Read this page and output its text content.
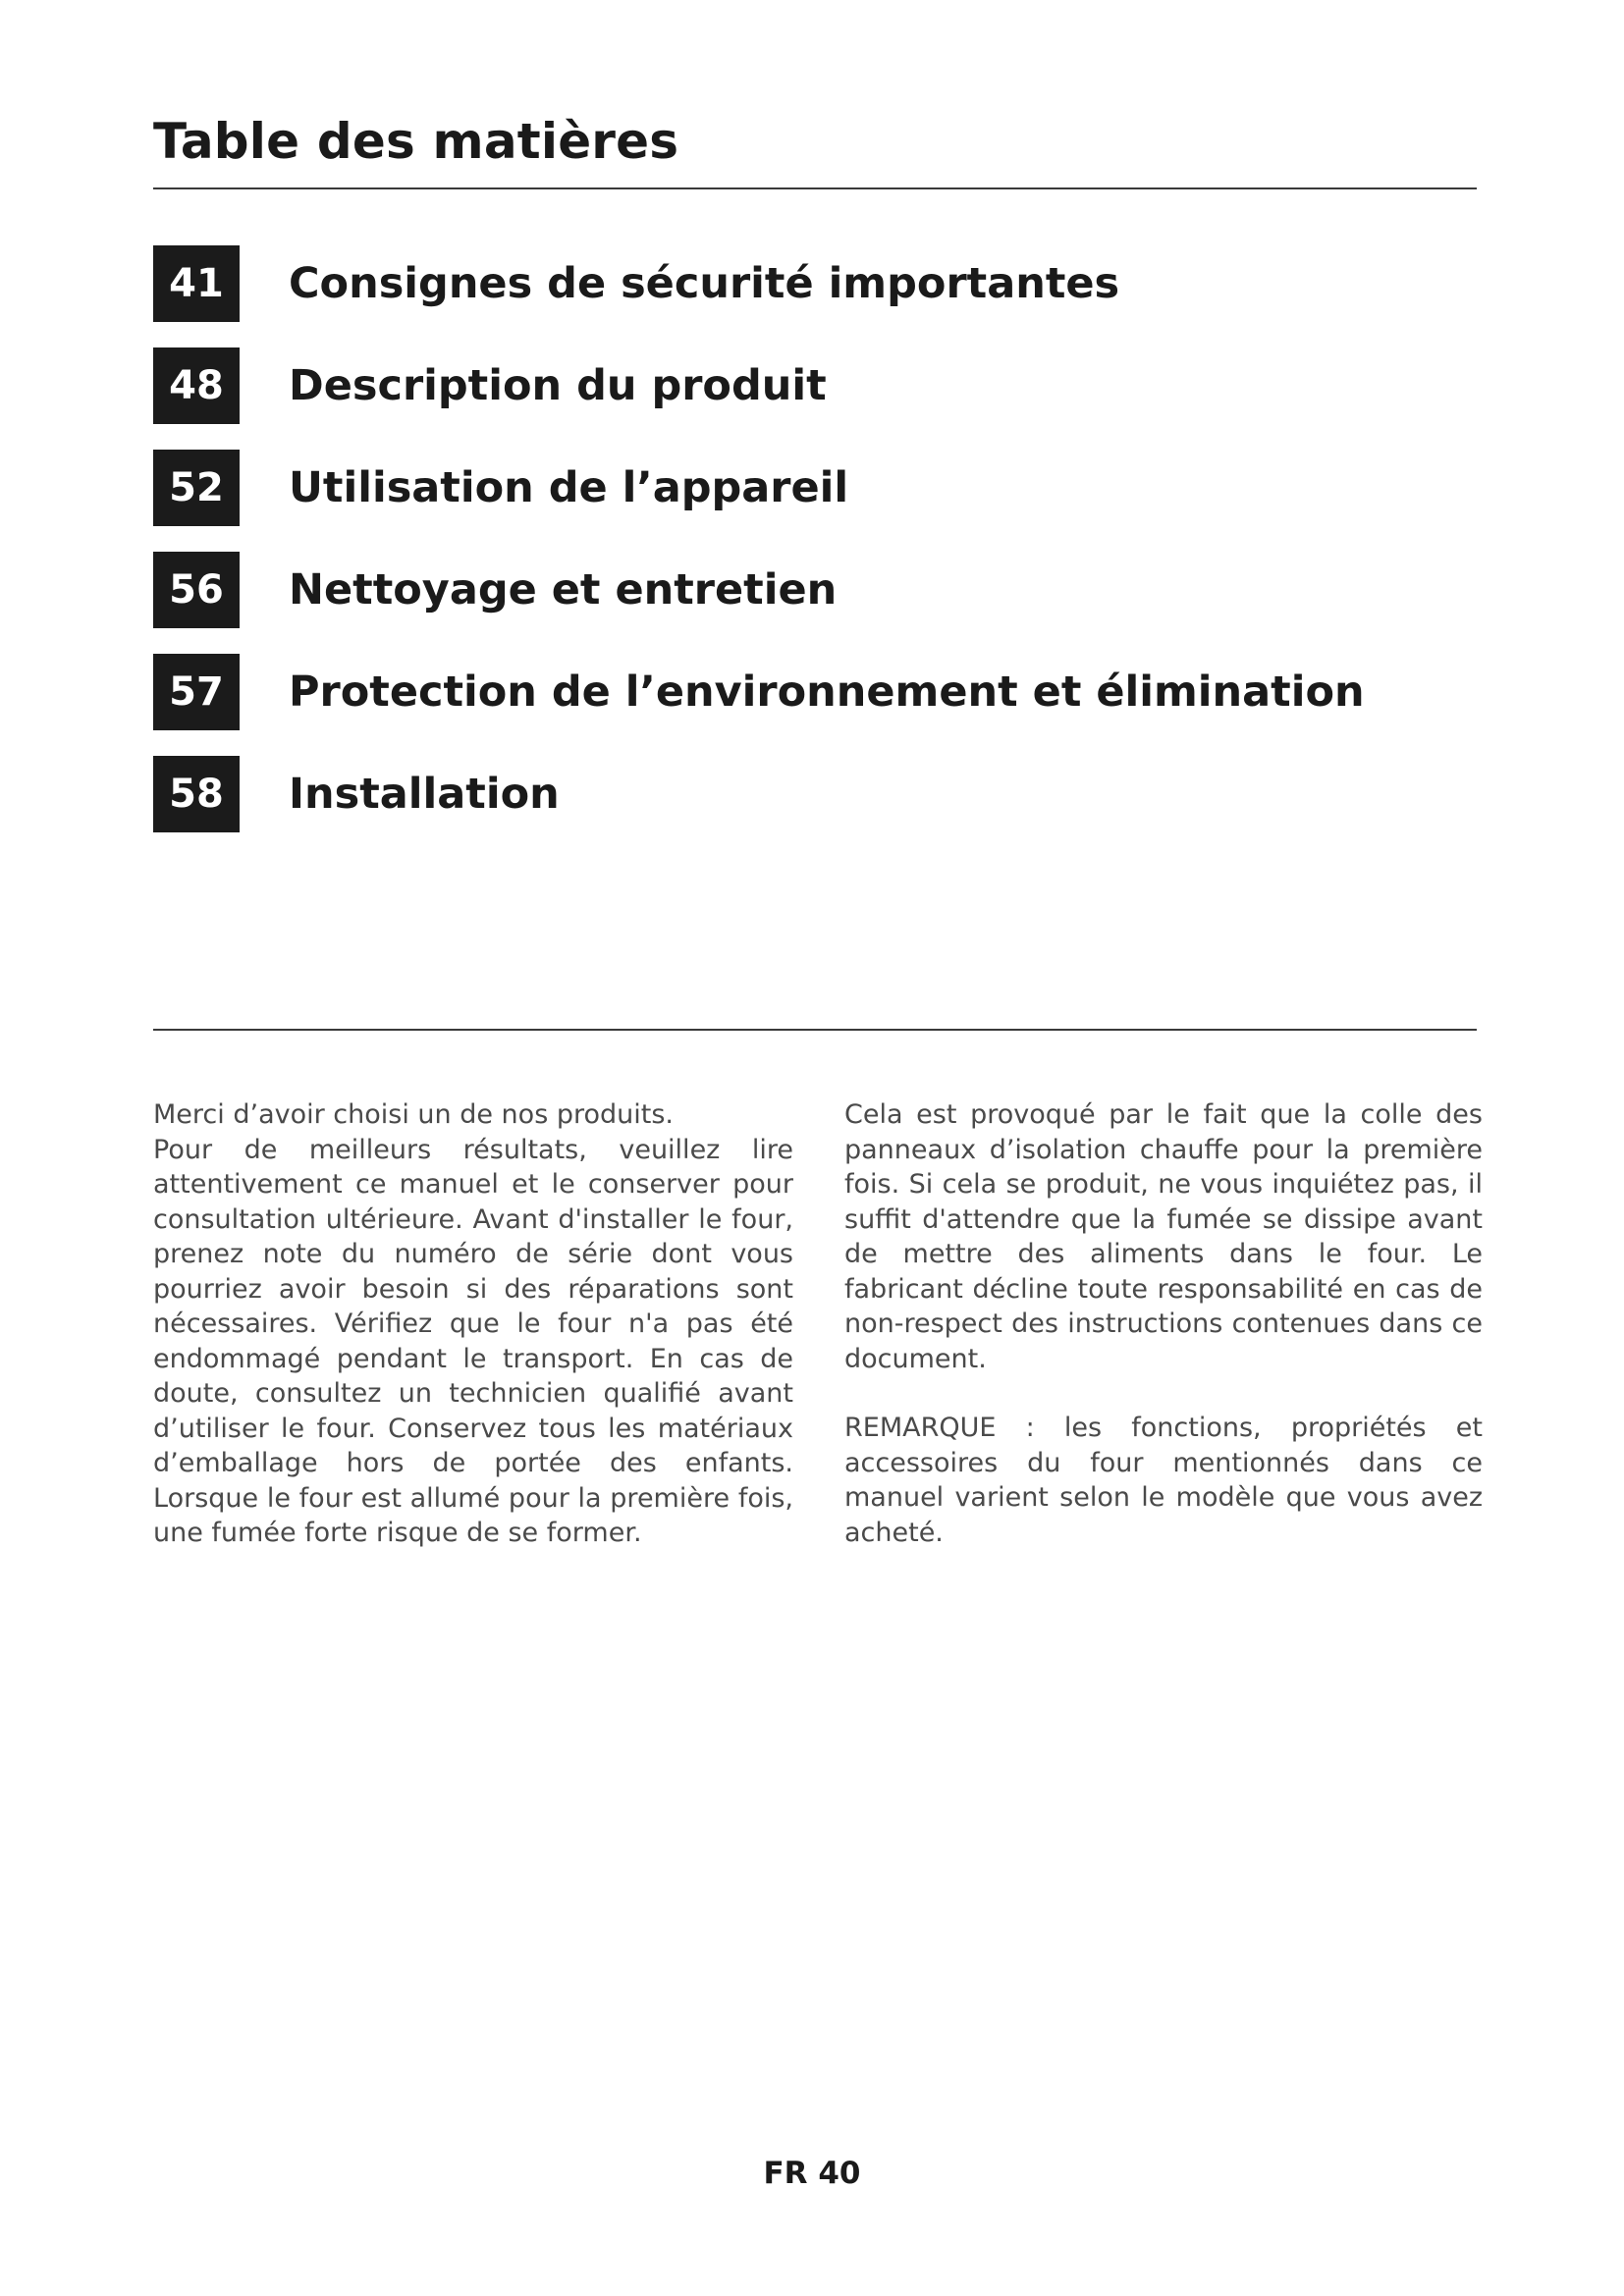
Table des matières
41	Consignes de sécurité importantes
48	Description du produit
52	Utilisation de l’appareil
56	Nettoyage et entretien
57	Protection de l’environnement et élimination
58	Installation

Merci d’avoir choisi un de nos produits.

Pour de meilleurs résultats, veuillez lire attentivement ce manuel et le conserver pour consultation ultérieure. Avant d'installer le four, prenez note du numéro de série dont vous pourriez avoir besoin si des réparations sont nécessaires. Vérifiez que le four n'a pas été endommagé pendant le transport. En cas de doute, consultez un technicien qualifié avant d’utiliser le four. Conservez tous les matériaux d’emballage hors de portée des enfants. Lorsque le four est allumé pour la première fois, une fumée forte risque de se former.

Cela est provoqué par le fait que la colle des panneaux d’isolation chauffe pour la première fois. Si cela se produit, ne vous inquiétez pas, il suffit d'attendre que la fumée se dissipe avant de mettre des aliments dans le four. Le fabricant décline toute responsabilité en cas de non-respect des instructions contenues dans ce document.

REMARQUE : les fonctions, propriétés et accessoires du four mentionnés dans ce manuel varient selon le modèle que vous avez acheté.

FR 40
